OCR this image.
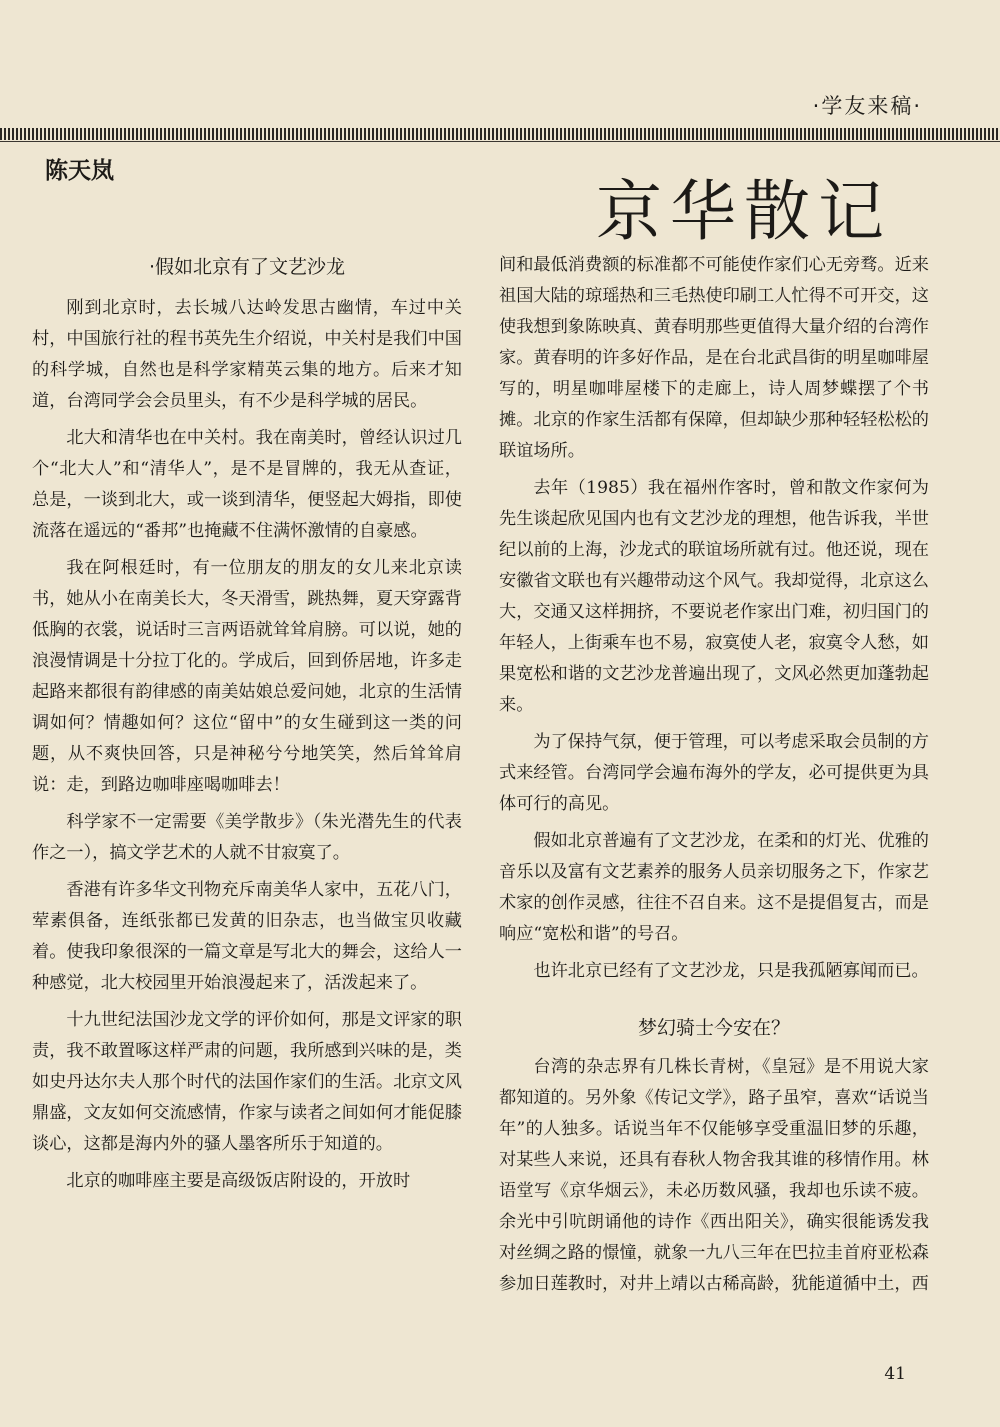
·学友来稿·
陈天岚
京华散记
·假如北京有了文艺沙龙

刚到北京时，去长城八达岭发思古幽情，车过中关村，中国旅行社的程书英先生介绍说，中关村是我们中国的科学城，自然也是科学家精英云集的地方。后来才知道，台湾同学会会员里头，有不少是科学城的居民。

北大和清华也在中关村。我在南美时，曾经认识过几个“北大人”和“清华人”，是不是冒牌的，我无从查证，总是，一谈到北大，或一谈到清华，便竖起大姆指，即使流落在遥远的“番邦”也掩藏不住满怀激情的自豪感。

我在阿根廷时，有一位朋友的朋友的女儿来北京读书，她从小在南美长大，冬天滑雪，跳热舞，夏天穿露背低胸的衣裳，说话时三言两语就耸耸肩膀。可以说，她的浪漫情调是十分拉丁化的。学成后，回到侨居地，许多走起路来都很有韵律感的南美姑娘总爱问她，北京的生活情调如何？情趣如何？这位“留中”的女生碰到这一类的问题，从不爽快回答，只是神秘兮兮地笑笑，然后耸耸肩说：走，到路边咖啡座喝咖啡去！

科学家不一定需要《美学散步》（朱光潜先生的代表作之一），搞文学艺术的人就不甘寂寞了。

香港有许多华文刊物充斥南美华人家中，五花八门，荤素俱备，连纸张都已发黄的旧杂志，也当做宝贝收藏着。使我印象很深的一篇文章是写北大的舞会，这给人一种感觉，北大校园里开始浪漫起来了，活泼起来了。

十九世纪法国沙龙文学的评价如何，那是文评家的职责，我不敢置啄这样严肃的问题，我所感到兴味的是，类如史丹达尔夫人那个时代的法国作家们的生活。北京文风鼎盛，文友如何交流感情，作家与读者之间如何才能促膝谈心，这都是海内外的骚人墨客所乐于知道的。

北京的咖啡座主要是高级饭店附设的，开放时

间和最低消费额的标准都不可能使作家们心无旁骛。近来祖国大陆的琼瑶热和三毛热使印刷工人忙得不可开交，这使我想到象陈映真、黄春明那些更值得大量介绍的台湾作家。黄春明的许多好作品，是在台北武昌街的明星咖啡屋写的，明星咖啡屋楼下的走廊上，诗人周梦蝶摆了个书摊。北京的作家生活都有保障，但却缺少那种轻轻松松的联谊场所。

去年（1985）我在福州作客时，曾和散文作家何为先生谈起欣见国内也有文艺沙龙的理想，他告诉我，半世纪以前的上海，沙龙式的联谊场所就有过。他还说，现在安徽省文联也有兴趣带动这个风气。我却觉得，北京这么大，交通又这样拥挤，不要说老作家出门难，初归国门的年轻人，上街乘车也不易，寂寞使人老，寂寞令人愁，如果宽松和谐的文艺沙龙普遍出现了，文风必然更加蓬勃起来。

为了保持气氛，便于管理，可以考虑采取会员制的方式来经管。台湾同学会遍布海外的学友，必可提供更为具体可行的高见。

假如北京普遍有了文艺沙龙，在柔和的灯光、优雅的音乐以及富有文艺素养的服务人员亲切服务之下，作家艺术家的创作灵感，往往不召自来。这不是提倡复古，而是响应“宽松和谐”的号召。

也许北京已经有了文艺沙龙，只是我孤陋寡闻而已。

梦幻骑士今安在？

台湾的杂志界有几株长青树，《皇冠》是不用说大家都知道的。另外象《传记文学》，路子虽窄，喜欢“话说当年”的人独多。话说当年不仅能够享受重温旧梦的乐趣，对某些人来说，还具有春秋人物舍我其谁的移情作用。林语堂写《京华烟云》，未必历数风骚，我却也乐读不疲。余光中引吭朗诵他的诗作《西出阳关》，确实很能诱发我对丝绸之路的憬憧，就象一九八三年在巴拉圭首府亚松森参加日莲教时，对井上靖以古稀高龄，犹能道循中土，西

41
